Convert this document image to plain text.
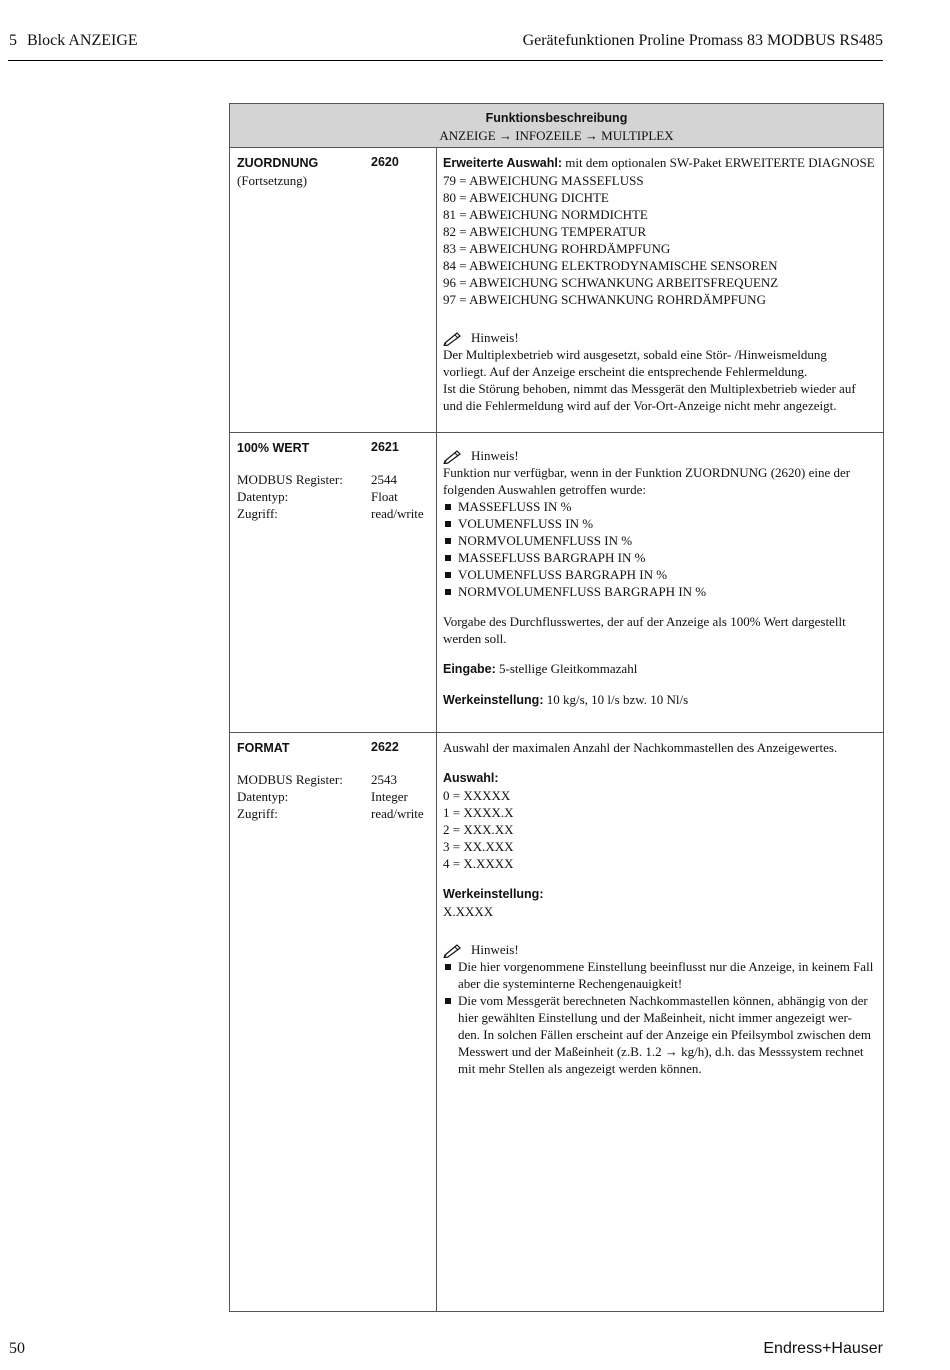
5 Block ANZEIGE	Gerätefunktionen Proline Promass 83 MODBUS RS485
Funktionsbeschreibung
ANZEIGE → INFOZEILE → MULTIPLEX
ZUORDNUNG	2620
(Fortsetzung)
Erweiterte Auswahl: mit dem optionalen SW-Paket ERWEITERTE DIAGNOSE
79 = ABWEICHUNG MASSEFLUSS
80 = ABWEICHUNG DICHTE
81 = ABWEICHUNG NORMDICHTE
82 = ABWEICHUNG TEMPERATUR
83 = ABWEICHUNG ROHRDÄMPFUNG
84 = ABWEICHUNG ELEKTRODYNAMISCHE SENSOREN
96 = ABWEICHUNG SCHWANKUNG ARBEITSFREQUENZ
97 = ABWEICHUNG SCHWANKUNG ROHRDÄMPFUNG
Hinweis!
Der Multiplexbetrieb wird ausgesetzt, sobald eine Stör- /Hinweismeldung
vorliegt. Auf der Anzeige erscheint die entsprechende Fehlermeldung.
Ist die Störung behoben, nimmt das Messgerät den Multiplexbetrieb wieder auf
und die Fehlermeldung wird auf der Vor-Ort-Anzeige nicht mehr angezeigt.
100% WERT	2621
MODBUS Register: 2544
Datentyp:	Float
Zugriff:	read/write
Hinweis!
Funktion nur verfügbar, wenn in der Funktion ZUORDNUNG (2620) eine der
folgenden Auswahlen getroffen wurde:
MASSEFLUSS IN %
VOLUMENFLUSS IN %
NORMVOLUMENFLUSS IN %
MASSEFLUSS BARGRAPH IN %
VOLUMENFLUSS BARGRAPH IN %
NORMVOLUMENFLUSS BARGRAPH IN %
Vorgabe des Durchflusswertes, der auf der Anzeige als 100% Wert dargestellt
werden soll.
Eingabe: 5-stellige Gleitkommazahl
Werkeinstellung: 10 kg/s, 10 l/s bzw. 10 Nl/s
FORMAT	2622
MODBUS Register: 2543
Datentyp:	Integer
Zugriff:	read/write
Auswahl der maximalen Anzahl der Nachkommastellen des Anzeigewertes.
Auswahl:
0 = XXXXX
1 = XXXX.X
2 = XXX.XX
3 = XX.XXX
4 = X.XXXX
Werkeinstellung:
X.XXXX
Hinweis!
Die hier vorgenommene Einstellung beeinflusst nur die Anzeige, in keinem Fall
aber die systeminterne Rechengenauigkeit!
Die vom Messgerät berechneten Nachkommastellen können, abhängig von der
hier gewählten Einstellung und der Maßeinheit, nicht immer angezeigt wer-
den. In solchen Fällen erscheint auf der Anzeige ein Pfeilsymbol zwischen dem
Messwert und der Maßeinheit (z.B. 1.2 → kg/h), d.h. das Messsystem rechnet
mit mehr Stellen als angezeigt werden können.
50	Endress+Hauser
